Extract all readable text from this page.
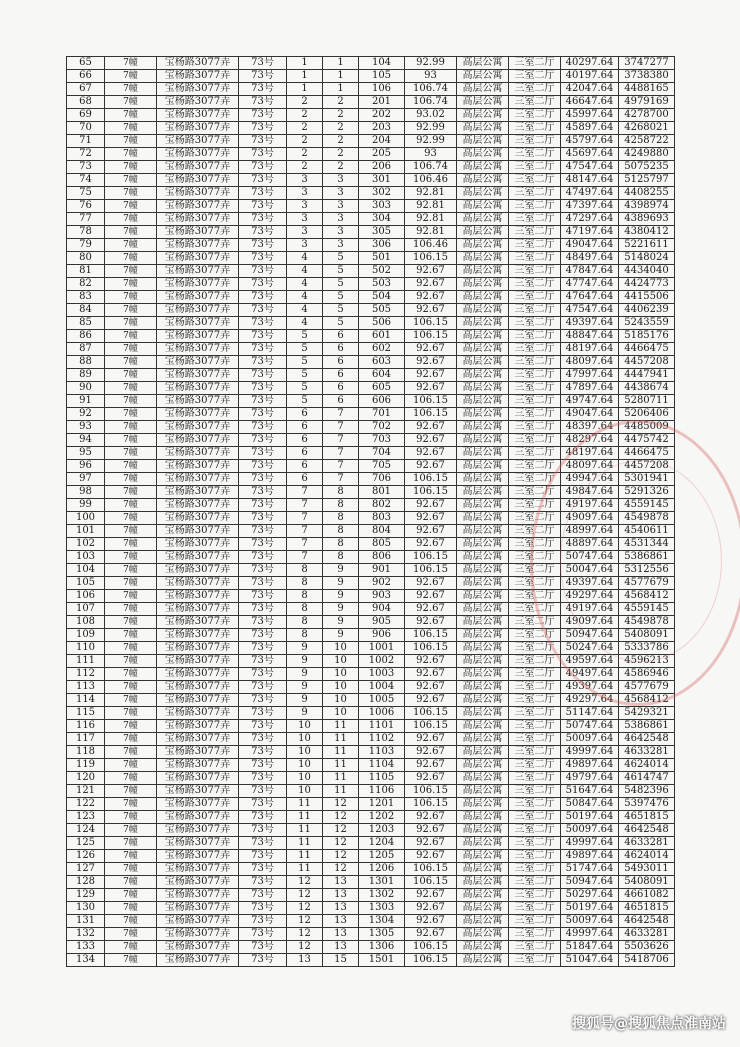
65	7幢	宝杨路3077弄	73号	1	1	104	92.99	高层公寓	三室二厅	40297.64	3747277
66	7幢	宝杨路3077弄	73号	1	1	105	93	高层公寓	三室二厅	40197.64	3738380
67	7幢	宝杨路3077弄	73号	1	1	106	106.74	高层公寓	三室二厅	42047.64	4488165
68	7幢	宝杨路3077弄	73号	2	2	201	106.74	高层公寓	三室二厅	46647.64	4979169
69	7幢	宝杨路3077弄	73号	2	2	202	93.02	高层公寓	三室二厅	45997.64	4278700
70	7幢	宝杨路3077弄	73号	2	2	203	92.99	高层公寓	三室二厅	45897.64	4268021
71	7幢	宝杨路3077弄	73号	2	2	204	92.99	高层公寓	三室二厅	45797.64	4258722
72	7幢	宝杨路3077弄	73号	2	2	205	93	高层公寓	三室二厅	45697.64	4249880
73	7幢	宝杨路3077弄	73号	2	2	206	106.74	高层公寓	三室二厅	47547.64	5075235
74	7幢	宝杨路3077弄	73号	3	3	301	106.46	高层公寓	三室二厅	48147.64	5125797
75	7幢	宝杨路3077弄	73号	3	3	302	92.81	高层公寓	三室二厅	47497.64	4408255
76	7幢	宝杨路3077弄	73号	3	3	303	92.81	高层公寓	三室二厅	47397.64	4398974
77	7幢	宝杨路3077弄	73号	3	3	304	92.81	高层公寓	三室二厅	47297.64	4389693
78	7幢	宝杨路3077弄	73号	3	3	305	92.81	高层公寓	三室二厅	47197.64	4380412
79	7幢	宝杨路3077弄	73号	3	3	306	106.46	高层公寓	三室二厅	49047.64	5221611
80	7幢	宝杨路3077弄	73号	4	5	501	106.15	高层公寓	三室二厅	48497.64	5148024
81	7幢	宝杨路3077弄	73号	4	5	502	92.67	高层公寓	三室二厅	47847.64	4434040
82	7幢	宝杨路3077弄	73号	4	5	503	92.67	高层公寓	三室二厅	47747.64	4424773
83	7幢	宝杨路3077弄	73号	4	5	504	92.67	高层公寓	三室二厅	47647.64	4415506
84	7幢	宝杨路3077弄	73号	4	5	505	92.67	高层公寓	三室二厅	47547.64	4406239
85	7幢	宝杨路3077弄	73号	4	5	506	106.15	高层公寓	三室二厅	49397.64	5243559
86	7幢	宝杨路3077弄	73号	5	6	601	106.15	高层公寓	三室二厅	48847.64	5185176
87	7幢	宝杨路3077弄	73号	5	6	602	92.67	高层公寓	三室二厅	48197.64	4466475
88	7幢	宝杨路3077弄	73号	5	6	603	92.67	高层公寓	三室二厅	48097.64	4457208
89	7幢	宝杨路3077弄	73号	5	6	604	92.67	高层公寓	三室二厅	47997.64	4447941
90	7幢	宝杨路3077弄	73号	5	6	605	92.67	高层公寓	三室二厅	47897.64	4438674
91	7幢	宝杨路3077弄	73号	5	6	606	106.15	高层公寓	三室二厅	49747.64	5280711
92	7幢	宝杨路3077弄	73号	6	7	701	106.15	高层公寓	三室二厅	49047.64	5206406
93	7幢	宝杨路3077弄	73号	6	7	702	92.67	高层公寓	三室二厅	48397.64	4485009
94	7幢	宝杨路3077弄	73号	6	7	703	92.67	高层公寓	三室二厅	48297.64	4475742
95	7幢	宝杨路3077弄	73号	6	7	704	92.67	高层公寓	三室二厅	48197.64	4466475
96	7幢	宝杨路3077弄	73号	6	7	705	92.67	高层公寓	三室二厅	48097.64	4457208
97	7幢	宝杨路3077弄	73号	6	7	706	106.15	高层公寓	三室二厅	49947.64	5301941
98	7幢	宝杨路3077弄	73号	7	8	801	106.15	高层公寓	三室二厅	49847.64	5291326
99	7幢	宝杨路3077弄	73号	7	8	802	92.67	高层公寓	三室二厅	49197.64	4559145
100	7幢	宝杨路3077弄	73号	7	8	803	92.67	高层公寓	三室二厅	49097.64	4549878
101	7幢	宝杨路3077弄	73号	7	8	804	92.67	高层公寓	三室二厅	48997.64	4540611
102	7幢	宝杨路3077弄	73号	7	8	805	92.67	高层公寓	三室二厅	48897.64	4531344
103	7幢	宝杨路3077弄	73号	7	8	806	106.15	高层公寓	三室二厅	50747.64	5386861
104	7幢	宝杨路3077弄	73号	8	9	901	106.15	高层公寓	三室二厅	50047.64	5312556
105	7幢	宝杨路3077弄	73号	8	9	902	92.67	高层公寓	三室二厅	49397.64	4577679
106	7幢	宝杨路3077弄	73号	8	9	903	92.67	高层公寓	三室二厅	49297.64	4568412
107	7幢	宝杨路3077弄	73号	8	9	904	92.67	高层公寓	三室二厅	49197.64	4559145
108	7幢	宝杨路3077弄	73号	8	9	905	92.67	高层公寓	三室二厅	49097.64	4549878
109	7幢	宝杨路3077弄	73号	8	9	906	106.15	高层公寓	三室二厅	50947.64	5408091
110	7幢	宝杨路3077弄	73号	9	10	1001	106.15	高层公寓	三室二厅	50247.64	5333786
111	7幢	宝杨路3077弄	73号	9	10	1002	92.67	高层公寓	三室二厅	49597.64	4596213
112	7幢	宝杨路3077弄	73号	9	10	1003	92.67	高层公寓	三室二厅	49497.64	4586946
113	7幢	宝杨路3077弄	73号	9	10	1004	92.67	高层公寓	三室二厅	49397.64	4577679
114	7幢	宝杨路3077弄	73号	9	10	1005	92.67	高层公寓	三室二厅	49297.64	4568412
115	7幢	宝杨路3077弄	73号	9	10	1006	106.15	高层公寓	三室二厅	51147.64	5429321
116	7幢	宝杨路3077弄	73号	10	11	1101	106.15	高层公寓	三室二厅	50747.64	5386861
117	7幢	宝杨路3077弄	73号	10	11	1102	92.67	高层公寓	三室二厅	50097.64	4642548
118	7幢	宝杨路3077弄	73号	10	11	1103	92.67	高层公寓	三室二厅	49997.64	4633281
119	7幢	宝杨路3077弄	73号	10	11	1104	92.67	高层公寓	三室二厅	49897.64	4624014
120	7幢	宝杨路3077弄	73号	10	11	1105	92.67	高层公寓	三室二厅	49797.64	4614747
121	7幢	宝杨路3077弄	73号	10	11	1106	106.15	高层公寓	三室二厅	51647.64	5482396
122	7幢	宝杨路3077弄	73号	11	12	1201	106.15	高层公寓	三室二厅	50847.64	5397476
123	7幢	宝杨路3077弄	73号	11	12	1202	92.67	高层公寓	三室二厅	50197.64	4651815
124	7幢	宝杨路3077弄	73号	11	12	1203	92.67	高层公寓	三室二厅	50097.64	4642548
125	7幢	宝杨路3077弄	73号	11	12	1204	92.67	高层公寓	三室二厅	49997.64	4633281
126	7幢	宝杨路3077弄	73号	11	12	1205	92.67	高层公寓	三室二厅	49897.64	4624014
127	7幢	宝杨路3077弄	73号	11	12	1206	106.15	高层公寓	三室二厅	51747.64	5493011
128	7幢	宝杨路3077弄	73号	12	13	1301	106.15	高层公寓	三室二厅	50947.64	5408091
129	7幢	宝杨路3077弄	73号	12	13	1302	92.67	高层公寓	三室二厅	50297.64	4661082
130	7幢	宝杨路3077弄	73号	12	13	1303	92.67	高层公寓	三室二厅	50197.64	4651815
131	7幢	宝杨路3077弄	73号	12	13	1304	92.67	高层公寓	三室二厅	50097.64	4642548
132	7幢	宝杨路3077弄	73号	12	13	1305	92.67	高层公寓	三室二厅	49997.64	4633281
133	7幢	宝杨路3077弄	73号	12	13	1306	106.15	高层公寓	三室二厅	51847.64	5503626
134	7幢	宝杨路3077弄	73号	13	15	1501	106.15	高层公寓	三室二厅	51047.64	5418706
搜狐号@搜狐焦点淮南站
